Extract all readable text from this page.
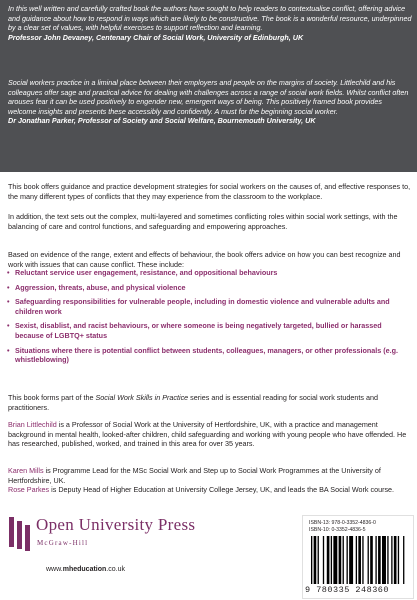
In this well written and carefully crafted book the authors have sought to help readers to contextualise conflict, offering advice and guidance about how to respond in ways which are likely to be constructive. The book is a wonderful resource, underpinned by a clear set of values, with helpful exercises to support reflection and learning.
Professor John Devaney, Centenary Chair of Social Work, University of Edinburgh, UK
Social workers practice in a liminal place between their employers and people on the margins of society. Littlechild and his colleagues offer sage and practical advice for dealing with challenges across a range of social work fields. Whilst conflict often arouses fear it can be used positively to engender new, emergent ways of being. This positively framed book provides welcome insights and presents these accessibly and confidently. A must for the beginning social worker.
Dr Jonathan Parker, Professor of Society and Social Welfare, Bournemouth University, UK
This book offers guidance and practice development strategies for social workers on the causes of, and effective responses to, the many different types of conflicts that they may experience from the classroom to the workplace.
In addition, the text sets out the complex, multi-layered and sometimes conflicting roles within social work settings, with the balancing of care and control functions, and safeguarding and empowering approaches.
Based on evidence of the range, extent and effects of behaviour, the book offers advice on how you can best recognize and work with issues that can cause conflict. These include:
• Reluctant service user engagement, resistance, and oppositional behaviours
• Aggression, threats, abuse, and physical violence
• Safeguarding responsibilities for vulnerable people, including in domestic violence and vulnerable adults and children work
• Sexist, disablist, and racist behaviours, or where someone is being negatively targeted, bullied or harassed because of LGBTQ+ status
• Situations where there is potential conflict between students, colleagues, managers, or other professionals (e.g. whistleblowing)
This book forms part of the Social Work Skills in Practice series and is essential reading for social work students and practitioners.
Brian Littlechild is a Professor of Social Work at the University of Hertfordshire, UK, with a practice and management background in mental health, looked-after children, child safeguarding and working with young people who have offended. He has researched, published, worked, and trained in this area for over 35 years.
Karen Mills is Programme Lead for the MSc Social Work and Step up to Social Work Programmes at the University of Hertfordshire, UK.
Rose Parkes is Deputy Head of Higher Education at University College Jersey, UK, and leads the BA Social Work course.
Open University Press
McGraw-Hill
www.mheducation.co.uk
ISBN-13: 978-0-3352-4836-0
ISBN-10: 0-3352-4836-5
9 780335 248360
